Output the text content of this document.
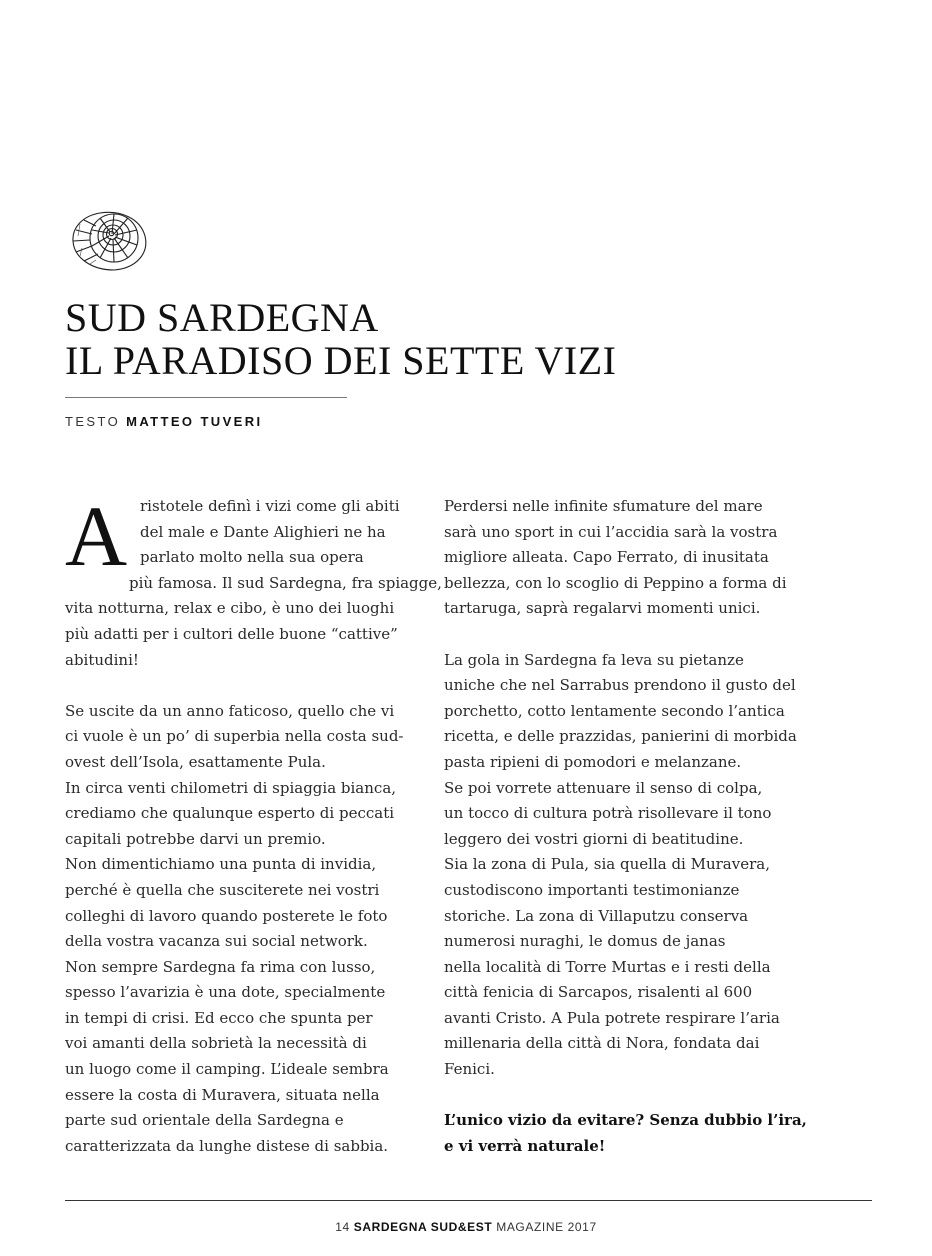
SUD SARDEGNA
IL PARADISO DEI SETTE VIZI
TESTO MATTEO TUVERI
A ristotele definì i vizi come gli abiti
del male e Dante Alighieri ne ha
parlato molto nella sua opera
più famosa. Il sud Sardegna, fra spiagge,
vita notturna, relax e cibo, è uno dei luoghi
più adatti per i cultori delle buone “cattive”
abitudini!
Se uscite da un anno faticoso, quello che vi
ci vuole è un po’ di superbia nella costa sud-
ovest dell’Isola, esattamente Pula.
In circa venti chilometri di spiaggia bianca,
crediamo che qualunque esperto di peccati
capitali potrebbe darvi un premio.
Non dimentichiamo una punta di invidia,
perché è quella che susciterete nei vostri
colleghi di lavoro quando posterete le foto
della vostra vacanza sui social network.
Non sempre Sardegna fa rima con lusso,
spesso l’avarizia è una dote, specialmente
in tempi di crisi. Ed ecco che spunta per
voi amanti della sobrietà la necessità di
un luogo come il camping. L’ideale sembra
essere la costa di Muravera, situata nella
parte sud orientale della Sardegna e
caratterizzata da lunghe distese di sabbia.
Perdersi nelle infinite sfumature del mare
sarà uno sport in cui l’accidia sarà la vostra
migliore alleata. Capo Ferrato, di inusitata
bellezza, con lo scoglio di Peppino a forma di
tartaruga, saprà regalarvi momenti unici.
La gola in Sardegna fa leva su pietanze
uniche che nel Sarrabus prendono il gusto del
porchetto, cotto lentamente secondo l’antica
ricetta, e delle prazzidas, panierini di morbida
pasta ripieni di pomodori e melanzane.
Se poi vorrete attenuare il senso di colpa,
un tocco di cultura potrà risollevare il tono
leggero dei vostri giorni di beatitudine.
Sia la zona di Pula, sia quella di Muravera,
custodiscono importanti testimonianze
storiche. La zona di Villaputzu conserva
numerosi nuraghi, le domus de janas
nella località di Torre Murtas e i resti della
città fenicia di Sarcapos, risalenti al 600
avanti Cristo. A Pula potrete respirare l’aria
millenaria della città di Nora, fondata dai
Fenici.
L’unico vizio da evitare? Senza dubbio l’ira,
e vi verrà naturale!
14 SARDEGNA SUD&EST MAGAZINE 2017
